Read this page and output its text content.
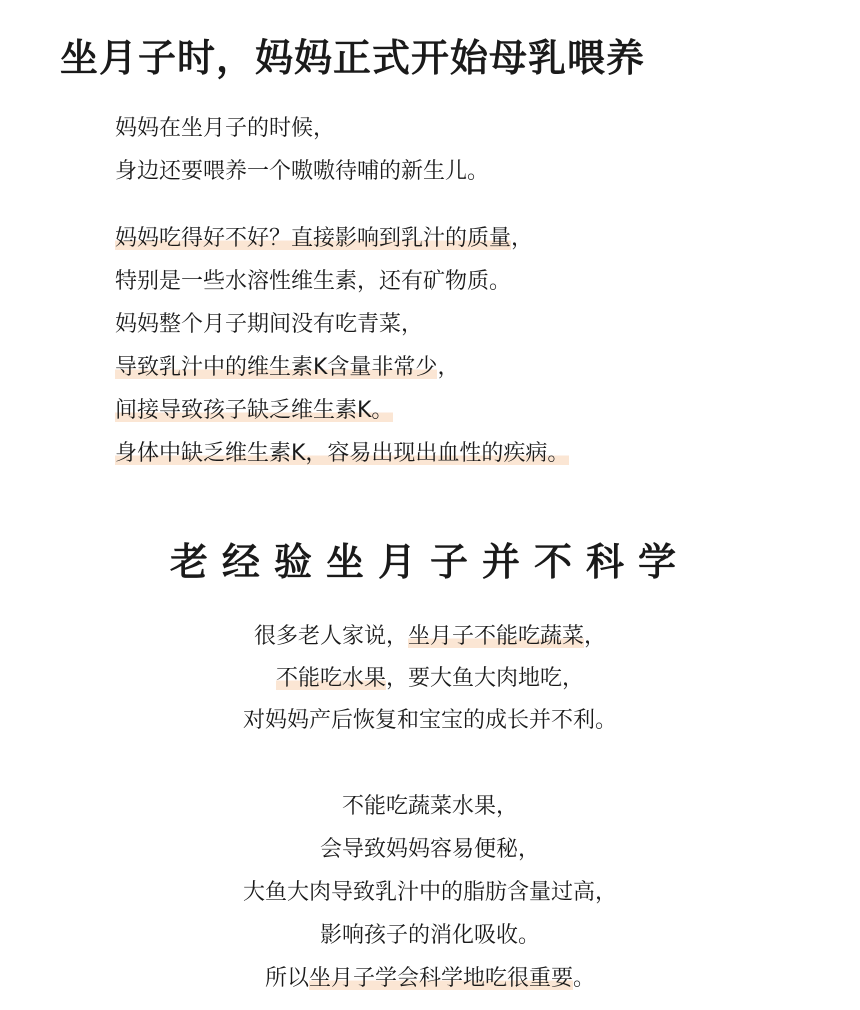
坐月子时，妈妈正式开始母乳喂养
妈妈在坐月子的时候，
身边还要喂养一个嗷嗷待哺的新生儿。
妈妈吃得好不好？直接影响到乳汁的质量，
特别是一些水溶性维生素，还有矿物质。
妈妈整个月子期间没有吃青菜，
导致乳汁中的维生素K含量非常少，
间接导致孩子缺乏维生素K。
身体中缺乏维生素K，容易出现出血性的疾病。
老经验坐月子并不科学
很多老人家说，坐月子不能吃蔬菜，
不能吃水果，要大鱼大肉地吃，
对妈妈产后恢复和宝宝的成长并不利。
不能吃蔬菜水果，
会导致妈妈容易便秘，
大鱼大肉导致乳汁中的脂肪含量过高，
影响孩子的消化吸收。
所以坐月子学会科学地吃很重要。
